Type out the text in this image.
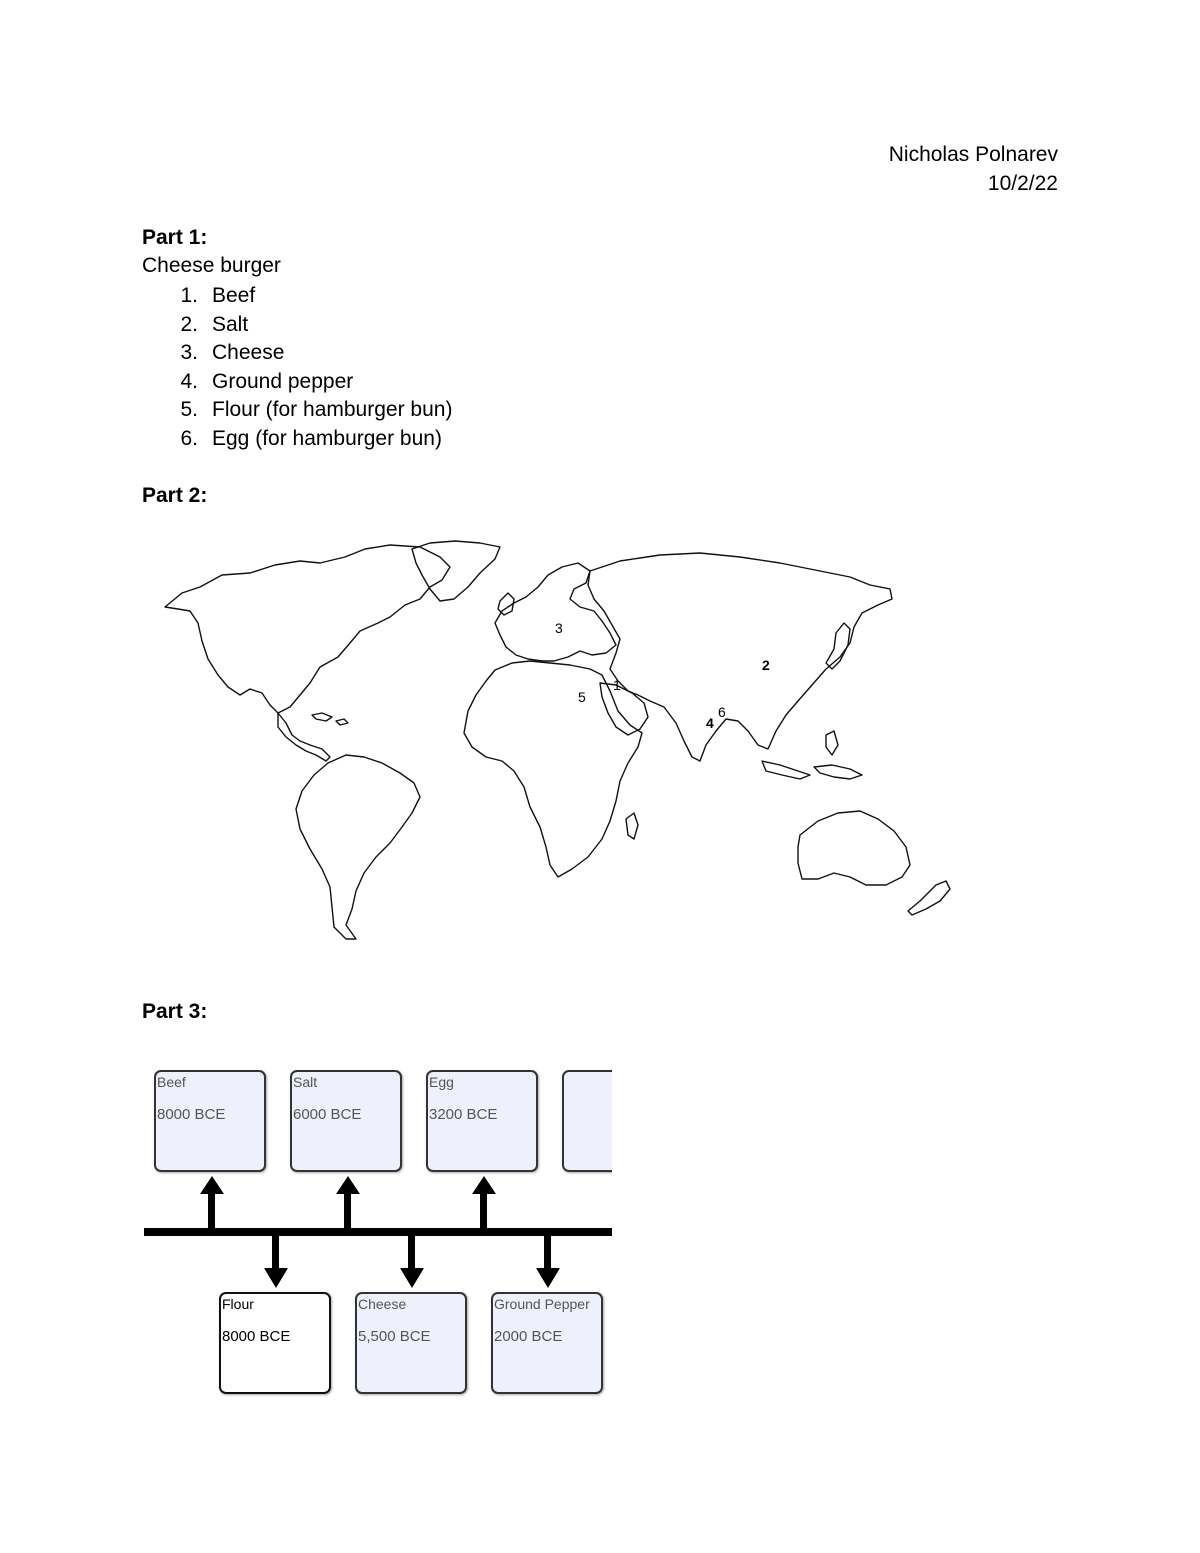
Nicholas Polnarev
10/2/22
Part 1:
Cheese burger
1. Beef
2. Salt
3. Cheese
4. Ground pepper
5. Flour (for hamburger bun)
6. Egg (for hamburger bun)
Part 2:
1
2
3
4
5
6
Part 3:
Beef
8000 BCE
Salt
6000 BCE
Egg
3200 BCE
Flour
8000 BCE
Cheese
5,500 BCE
Ground Pepper
2000 BCE
